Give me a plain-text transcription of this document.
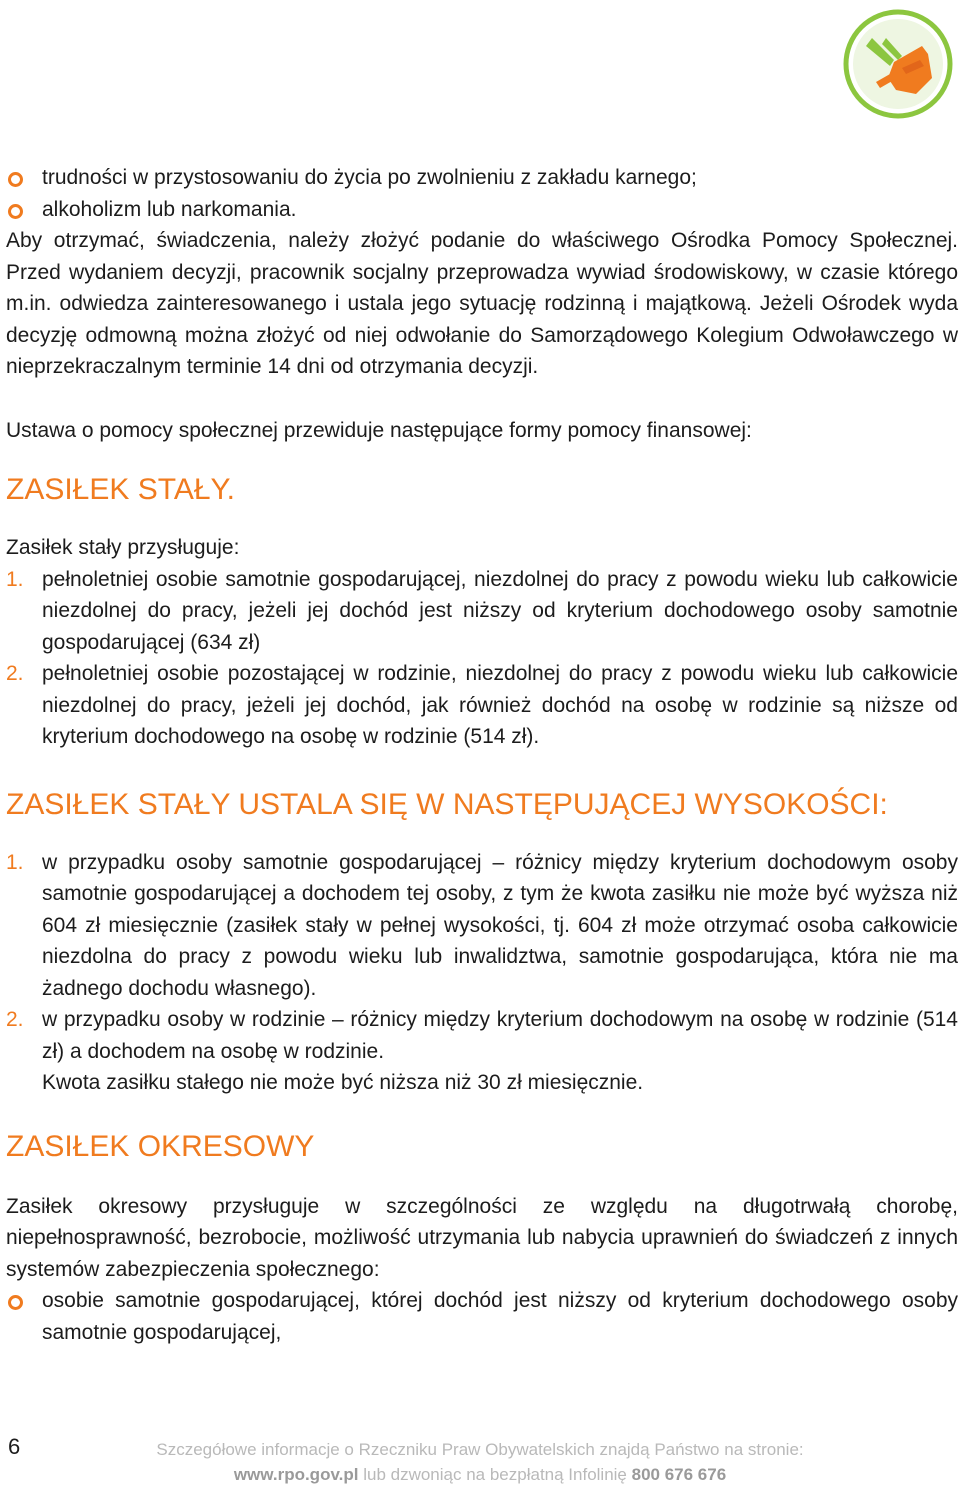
trudności w przystosowaniu do życia po zwolnieniu z zakładu karnego;
alkoholizm lub narkomania.

Aby otrzymać, świadczenia, należy złożyć podanie do właściwego Ośrodka Pomocy Społecznej. Przed wydaniem decyzji, pracownik socjalny przeprowadza wywiad środowiskowy, w czasie którego m.in. odwiedza zainteresowanego i ustala jego sytuację rodzinną i majątkową. Jeżeli Ośrodek wyda decyzję odmowną można złożyć od niej odwołanie do Samorządowego Kolegium Odwoławczego w nieprzekraczalnym terminie 14 dni od otrzymania decyzji.

Ustawa o pomocy społecznej przewiduje następujące formy pomocy finansowej:

ZASIŁEK STAŁY.

Zasiłek stały przysługuje:

1. pełnoletniej osobie samotnie gospodarującej, niezdolnej do pracy z powodu wieku lub całkowicie niezdolnej do pracy, jeżeli jej dochód jest niższy od kryterium dochodowego osoby samotnie gospodarującej (634 zł)
2. pełnoletniej osobie pozostającej w rodzinie, niezdolnej do pracy z powodu wieku lub całkowicie niezdolnej do pracy, jeżeli jej dochód, jak również dochód na osobę w rodzinie są niższe od kryterium dochodowego na osobę w rodzinie (514 zł).
ZASIŁEK STAŁY USTALA SIĘ W NASTĘPUJĄCEJ WYSOKOŚCI:
1. w przypadku osoby samotnie gospodarującej – różnicy między kryterium dochodowym osoby samotnie gospodarującej a dochodem tej osoby, z tym że kwota zasiłku nie może być wyższa niż 604 zł miesięcznie (zasiłek stały w pełnej wysokości, tj. 604 zł może otrzymać osoba całkowicie niezdolna do pracy z powodu wieku lub inwalidztwa, samotnie gospodarująca, która nie ma żadnego dochodu własnego).
2. w przypadku osoby w rodzinie – różnicy między kryterium dochodowym na osobę w rodzinie (514 zł) a dochodem na osobę w rodzinie.
Kwota zasiłku stałego nie może być niższa niż 30 zł miesięcznie.
ZASIŁEK OKRESOWY

Zasiłek okresowy przysługuje w szczególności ze względu na długotrwałą chorobę, niepełnosprawność, bezrobocie, możliwość utrzymania lub nabycia uprawnień do świadczeń z innych systemów zabezpieczenia społecznego:

osobie samotnie gospodarującej, której dochód jest niższy od kryterium dochodowego osoby samotnie gospodarującej,
6	Szczegółowe informacje o Rzeczniku Praw Obywatelskich znajdą Państwo na stronie:
www.rpo.gov.pl lub dzwoniąc na bezpłatną Infolinię 800 676 676
